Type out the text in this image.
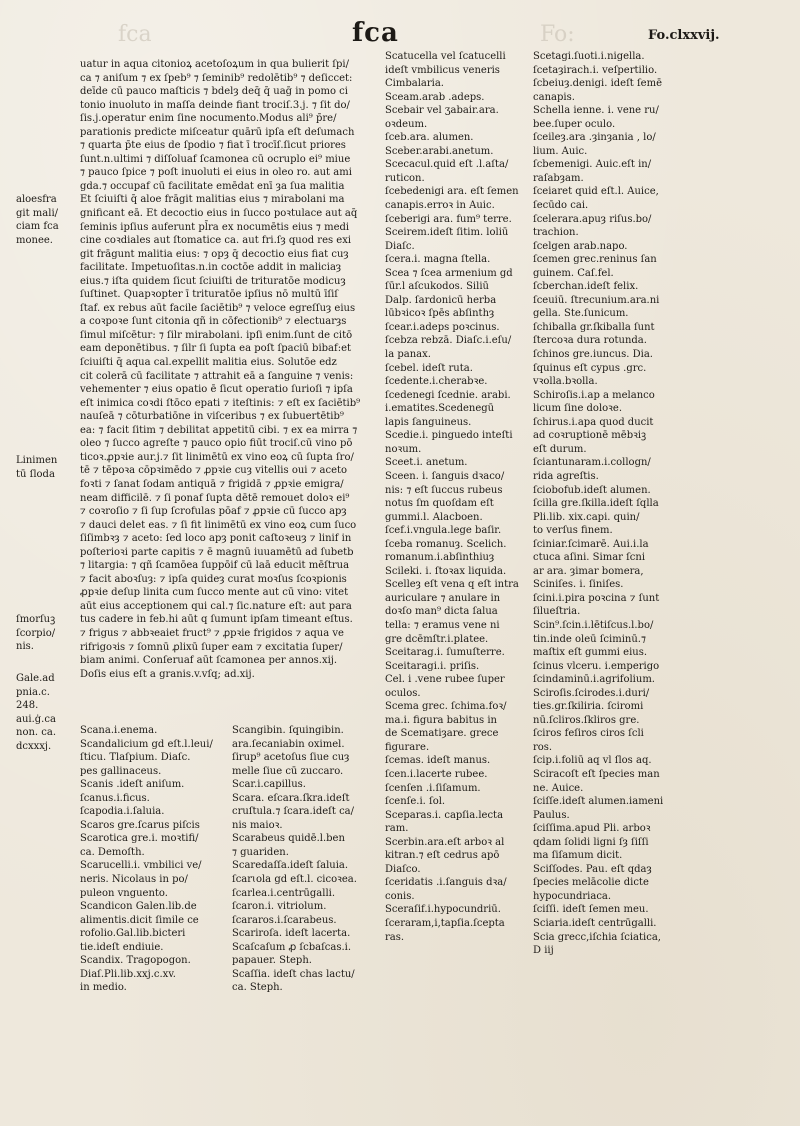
fca	Fo:
fca	Fo.clxxvij.
aloesfra
git mali/
ciam fca
monee.
Linimen
tū ſloda
ſmorſuꝫ
ſcorpio/
nis.
Gale.ad
pnia.c.
248.
aui.ġ.ca
non. ca.
dcxxxj.
uatur in aqua citonioꝝ acetoſoꝝum in qua bulierit ſpi/
ca ⁊ aniſum ⁊ ex ſpeb⁹ ⁊ ſeminib⁹ redolētib⁹ ⁊ deſiccet:
deīde cū pauco maſticis ⁊ bdelȝ deq̄ q̄ uaḡ in pomo ci
tonio inuoluto in maſſa deinde fiant trociſ.3.j. ⁊ ſit do/
ſis.j.operatur enim ſine nocumento.Modus ali⁹ p̄re/
parationis predicte miſceatur quārū ipſa eſt deſumach
⁊ quarta p̄te eius de ſpodio ⁊ fiat ī trocīſ.ſicut priores
ſunt.n.ultimi ⁊ diſſoluaf ſcamonea cū ocruplo ei⁹ miue
⁊ pauco ſpice ⁊ poſt inuoluti ei eius in oleo ro. aut ami
gda.⁊ occupaf cū facilitate emēdat enī ȝa ſua malitia
Et ſciuiſti q̄ aloe frāgit malitias eius ⁊ mirabolani ma
gnificant eā. Et decoctio eius in ſucco poꝛtulace aut aq̄
ſeminis ipſius auferunt pl̄ra ex nocumētis eius ⁊ medi
cine coꝛdiales aut ſtomatice ca. aut fri.ſȝ quod res exi
git frāgunt malitia eius: ⁊ opȝ q̄ decoctio eius fiat cuȝ
facilitate. Impetuoſitas.n.in coctōe addit in maliciaȝ
eius.⁊ iſta quidem ſicut ſciuiſti de trituratōe modicuȝ
ſuſtinet. Quapꝛopter ī trituratōe ipſius nō multū īſiſ
ſtaf. ex rebus aūt facile ſaciētib⁹ ⁊ veloce egreſſuȝ eius
a coꝛpoꝛe ſunt citonia qñ in cōfectionib⁹ ⁊ electuarȝs
ſimul miſcētur: ⁊ ſilr mirabolani. ipſi enim.ſunt de citō
eam deponētibus. ⁊ ſilr ſi ſupta ea poſt ſpaciū bibaf:et
ſciuiſti q̄ aqua cal.expellit malitia eius. Solutōe eǳ
cit colerā cū facilitate ⁊ attrahit eā a ſanguine ⁊ venis:
vehementer ⁊ eius opatio ē ſicut operatio ſurioſi ⁊ ipſa
eſt inimica coꝛdi ſtōco epati ⁊ iteſtinis: ⁊ eſt ex ſaciētib⁹
nauſeā ⁊ cōturbatiōne in viſceribus ⁊ ex ſubuertētib⁹
ea: ⁊ facit ſitim ⁊ debilitat appetitū cibi. ⁊ ex ea mirra ⁊
oleo ⁊ ſucco agreſte ⁊ pauco opio fiūt trociſ.cū vino pō
ticoꝛ.ꝓpꝛie aur.j.⁊ ſit linimētū ex vino eoꝝ cū ſupta ſro/
tē ⁊ tēpoꝛa cōpꝛimēdo ⁊ ꝓpꝛie cuȝ vitellis oui ⁊ aceto
foꝛti ⁊ ſanat ſodam antiquā ⁊ frigidā ⁊ ꝓpꝛie emigra/
neam difficilē. ⁊ ſi ponaf ſupta dētē remouet doloꝛ ei⁹
⁊ coꝛroſio ⁊ ſi ſup ſcrofulas pōaf ⁊ ꝓpꝛie cū ſucco apȝ
⁊ dauci delet eas. ⁊ ſi fit linimētū ex vino eoꝝ cum ſuco
ſiſimbꝛȝ ⁊ aceto: ſed loco apȝ ponit caſtoꝛeuȝ ⁊ linif in
poſterioꝛi parte capitis ⁊ ē magnū iuuamētū ad ſubetb
⁊ litargia: ⁊ qñ ſcamōea ſuppōif cū laā educit mēſtrua
⁊ facit aboꝛſuȝ: ⁊ ipſa quideȝ curat moꝛſus ſcoꝛpionis
ꝓpꝛie deſup linita cum ſucco mente aut cū vino: vitet
aūt eius acceptionem qui cal.⁊ ſic.nature eſt: aut para
tus cadere in feb.hi aūt q ſumunt ipſam timeant eſtus.
⁊ frigus ⁊ abbꝛeaiet fruct⁹ ⁊ ꝓpꝛie frigidos ⁊ aqua ve
rifrigoꝛis ⁊ ſomnū ꝓlixū ſuper eam ⁊ excitatia ſuper/
biam animi. Conſeruaf aūt ſcamonea per annos.xij.
Doſis eius eſt a granis.v.vſq; ad.xij.
Scana.i.enema.
Scandalicium gd eſt.l.leui/
ſticu. Tlaſpium. Diaſc.
pes gallinaceus.
Scanis .ideſt aniſum.
ſcanus.i.ficus.
ſcapodia.i.ſaluia.
Scaros gre.ſcarus piſcis
Scarotica gre.i. moꝛtifi/
ca. Demoſth.
Scarucelli.i. vmbilici ve/
neris. Nicolaus in po/
puleon vnguento.
Scandicon Galen.lib.de
alimentis.dicit ſimile ce
rofolio.Gal.lib.bicteri
tie.ideſt endiuie.
Scandix. Tragopogon.
Diaſ.Pli.lib.xxj.c.xv.
in medio.
Scangibin. ſquingibin.
ara.ſecaniabin oximel.
ſirup⁹ acetoſus ſiue cuȝ
melle ſiue cū zuccaro.
Scar.i.capillus.
Scara. eſcara.ſkra.ideſt
cruſtula.⁊ ſcara.ideſt ca/
nis maioꝛ.
Scarabeus quidē.l.ben
⁊ guariden.
Scaredaſſa.ideſt ſaluia.
ſcarɩola gd eſt.l. cicoꝛea.
ſcarlea.i.centrūgalli.
ſcaron.i. vitriolum.
ſcararos.i.ſcarabeus.
Scariroſa. ideſt lacerta.
Scaſcaſum ꝓ ſcbaſcas.i.
papauer. Steph.
Scaſſia. ideſt chas lactu/
ca. Steph.
Scatucella vel ſcatucelli
ideſt vmbilicus veneris
Cimbalaria.
Sceam.arab .adeps.
Scebair vel ʒabair.ara.
oꝛdeum.
ſceb.ara. alumen.
Sceber.arabi.anetum.
Scecacul.quid eſt .l.aſta/
ruticon.
ſcebedenigi ara. eſt ſemen
canapis.erroꝛ in Auic.
ſceberigi ara. fum⁹ terre.
Sceirem.ideſt ſitim. loliū
Diaſc.
ſcera.i. magna ſtella.
Scea ⁊ ſcea armenium gd
ſūr.l aſcukodos. Siliū
Dalp. ſardonicū herba
lūbꝛicoꝛ ſpēs abſinthȝ
ſcear.i.adeps poꝛcinus.
ſcebza rebzā. Diaſc.i.eſu/
la panax.
ſcebel. ideſt ruta.
ſcedente.i.cherabꝛe.
ſcedenegi ſcednie. arabi.
i.ematites.Scedenegū
lapis ſanguineus.
Scedie.i. pinguedo inteſti
noꝛum.
Sceet.i. anetum.
Sceen. i. ſanguis dꝛaco/
nis: ⁊ eſt ſuccus rubeus
notus ſm quoſdam eſt
gummi.l. Alacboen.
ſcef.i.vngula.lege baſir.
ſceba romanuȝ. Scelich.
romanum.i.abſinthiuȝ
Scileki. i. ſtoꝛax liquida.
Scelleȝ eſt vena q eſt intra
auriculare ⁊ anulare in
doꝛſo man⁹ dicta ſalua
tella: ⁊ eramus vene ni
gre dcēmſtr.i.platee.
Sceitarag.i. ſumuſterre.
Sceitaragi.i. priſis.
Cel. i .vene rubee ſuper
oculos.
Scema grec. ſchima.foꝛ/
ma.i. figura babitus in
de Scematiȝare. grece
figurare.
ſcemas. ideſt manus.
ſcen.i.lacerte rubee.
ſcenſen .i.ſiſamum.
ſcenſe.i. ſol.
Sceparas.i. capſia.lecta
ram.
Scerbin.ara.eſt arboꝛ al
kitran.⁊ eſt cedrus apō
Diaſco.
ſceridatis .i.ſanguis dꝛa/
conis.
Sceraſif.i.hypocundriū.
ſceraram,i,tapſia.ſcepta
ras.
Scetagi.ſuoti.i.nigella.
ſcetaȝirach.i. veſpertilio.
ſcbeiuȝ.denigi. ideſt ſemē
canapis.
Schella ienne. i. vene ru/
bee.ſuper oculo.
ſceileȝ.ara .ȝinȝania , lo/
lium. Auic.
ſcbemenigi. Auic.eſt in/
raſabȝam.
ſceiaret quid eſt.l. Auice,
ſecūdo cai.
ſcelerara.apuȝ riſus.bo/
trachion.
ſcelgen arab.napo.
ſcemen grec.reninus ſan
guinem. Caſ.fel.
ſcberchan.ideſt felix.
ſceuiū. ſtrecunium.ara.ni
gella. Ste.ſunicum.
ſchiballa gr.ſkiballa ſunt
ſtercoꝛa dura rotunda.
ſchinos gre.iuncus. Dia.
ſquinus eſt cypus .grc.
vꝛolla.bꝛolla.
Schiroſis.i.ap a melanco
licum ſine doloꝛe.
ſchirus.i.apa quod ducit
ad coꝛruptionē mēbꝛiꝫ
eſt durum.
ſciantunaram.i.collogn/
rida agreſtis.
ſciobofub.ideſt alumen.
ſcilla gre.ſkilla.ideſt ſqlla
Pli.lib. xix.capi. quin/
to verſus finem.
ſciniar.ſcimarē. Aui.i.la
ctuca aſini. Simar ſcni
ar ara. ȝimar bomera,
Sciniſes. i. ſiniſes.
ſcini.i.pira poꝛcina ⁊ ſunt
ſilueſtria.
Scin⁹.ſcin.i.lētiſcus.l.bo/
tin.inde oleū ſciminū.⁊
maſtix eſt gummi eius.
ſcinus vlceru. i.emperigo
ſcindaminū.i.agrifolium.
Sciroſis.ſcirodes.i.duri/
ties.gr.ſkiliria. ſciromi
nū.ſcliros.ſkliros gre.
ſciros feſiros ciros ſcli
ros.
ſcip.i.foliū aq vl ſlos aq.
Sciracoſt eſt ſpecies man
ne. Auice.
ſciſſe.ideſt alumen.iameni
Paulus.
ſciſſima.apud Pli. arboꝛ
qdam ſolidi ligni ſȝ ſiſſi
ma ſiſamum dicit.
Sciſſodes. Pau. eſt qdaȝ
ſpecies melācolie dicte
hypocundriaca.
ſciſſi. ideſt ſemen meu.
Sciaria.ideſt centrūgalli.
Scia grecc,iſchia ſciatica,
D iij
